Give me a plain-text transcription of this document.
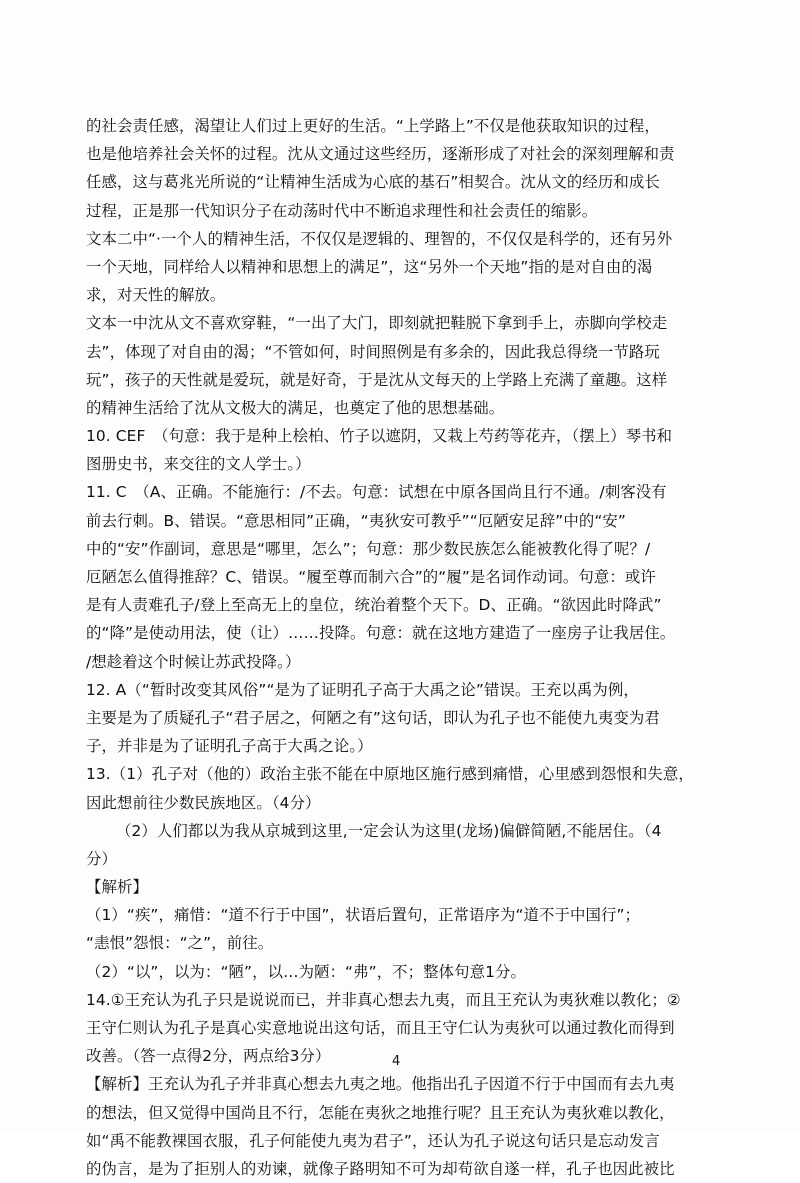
的社会责任感，渴望让人们过上更好的生活。“上学路上”不仅是他获取知识的过程，
也是他培养社会关怀的过程。沈从文通过这些经历，逐渐形成了对社会的深刻理解和责
任感，这与葛兆光所说的“让精神生活成为心底的基石”相契合。沈从文的经历和成长
过程，正是那一代知识分子在动荡时代中不断追求理性和社会责任的缩影。
文本二中“·一个人的精神生活，不仅仅是逻辑的、理智的，不仅仅是科学的，还有另外
一个天地，同样给人以精神和思想上的满足”，这“另外一个天地”指的是对自由的渴
求，对天性的解放。
文本一中沈从文不喜欢穿鞋，“一出了大门，即刻就把鞋脱下拿到手上，赤脚向学校走
去”，体现了对自由的渴；“不管如何，时间照例是有多余的，因此我总得绕一节路玩
玩”，孩子的天性就是爱玩，就是好奇，于是沈从文每天的上学路上充满了童趣。这样
的精神生活给了沈从文极大的满足，也奠定了他的思想基础。
10. CEF　（句意：我于是种上桧柏、竹子以遮阴，又栽上芍药等花卉，（摆上）琴书和
图册史书，来交往的文人学士。）
11. C　（A、正确。不能施行：/不去。句意：试想在中原各国尚且行不通。/刺客没有
前去行刺。B、错误。“意思相同”正确，“夷狄安可教乎”“厄陋安足辞”中的“安”
中的“安”作副词，意思是“哪里，怎么”；句意：那少数民族怎么能被教化得了呢？/
厄陋怎么值得推辞？C、错误。“履至尊而制六合”的“履”是名词作动词。句意：或许
是有人责难孔子/登上至高无上的皇位，统治着整个天下。D、正确。“欲因此时降武”
的“降”是使动用法，使（让）……投降。句意：就在这地方建造了一座房子让我居住。
/想趁着这个时候让苏武投降。）
12. A（“暂时改变其风俗”“是为了证明孔子高于大禹之论”错误。王充以禹为例，
主要是为了质疑孔子“君子居之，何陋之有”这句话，即认为孔子也不能使九夷变为君
子，并非是为了证明孔子高于大禹之论。）
13.（1）孔子对（他的）政治主张不能在中原地区施行感到痛惜，心里感到怨恨和失意，
因此想前往少数民族地区。（4分）
（2）人们都以为我从京城到这里,一定会认为这里(龙场)偏僻简陋,不能居住。（4
分）
【解析】
（1）“疾”，痛惜：“道不行于中国”，状语后置句，正常语序为“道不于中国行”；
“恚恨”怨恨：“之”，前往。
（2）“以”，以为：“陋”，以…为陋：“弗”，不；整体句意1分。
14.①王充认为孔子只是说说而已，并非真心想去九夷，而且王充认为夷狄难以教化；②
王守仁则认为孔子是真心实意地说出这句话，而且王守仁认为夷狄可以通过教化而得到
改善。（答一点得2分，两点给3分）
【解析】王充认为孔子并非真心想去九夷之地。他指出孔子因道不行于中国而有去九夷
的想法，但又觉得中国尚且不行，怎能在夷狄之地推行呢？且王充认为夷狄难以教化，
如“禹不能教裸国衣服，孔子何能使九夷为君子”，还认为孔子说这句话只是忘动发言
的伪言，是为了拒别人的劝谏，就像子路明知不可为却苟欲自遂一样，孔子也因此被比
4
